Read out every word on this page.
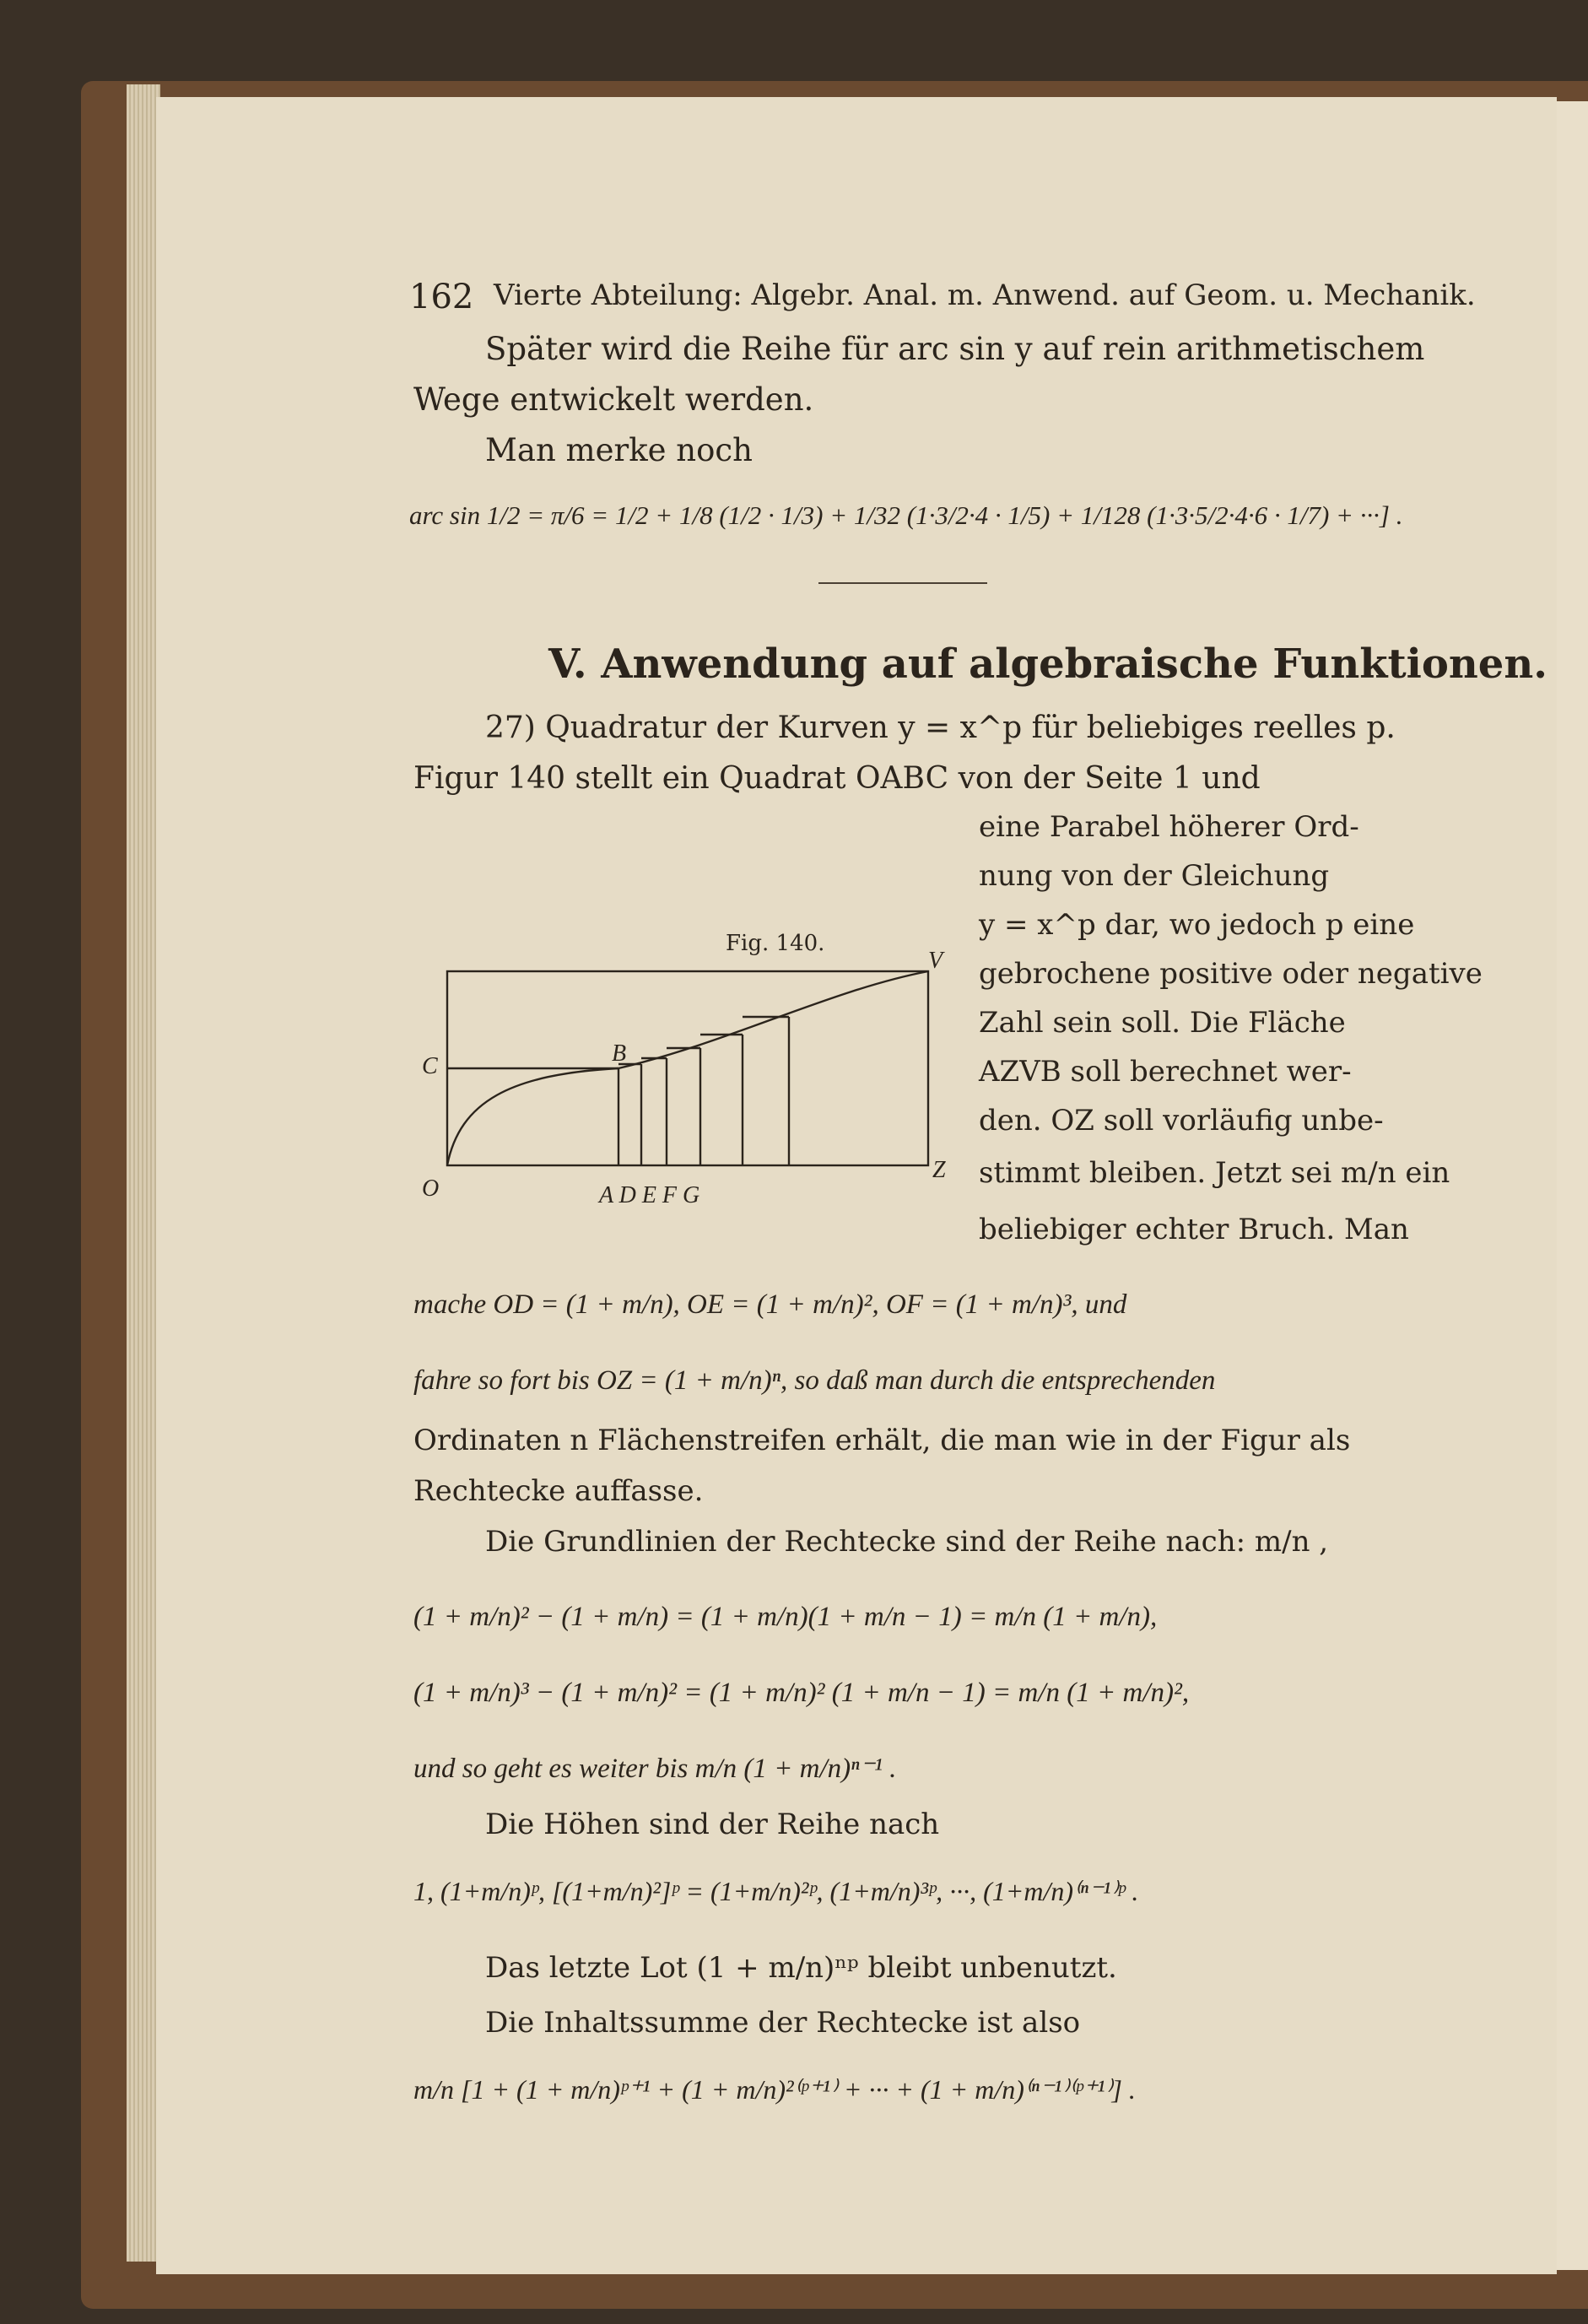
162 Vierte Abteilung: Algebr. Anal. m. Anwend. auf Geom. u. Mechanik.
Später wird die Reihe für arc sin y auf rein arithmetischem
Wege entwickelt werden.
Man merke noch
arc sin 1/2 = π/6 = 1/2 + 1/8 (1/2 · 1/3) + 1/32 (1·3/2·4 · 1/5) + 1/128 (1·3·5/2·4·6 · 1/7) + ···] .
V. Anwendung auf algebraische Funktionen.
27) Quadratur der Kurven y = x^p für beliebiges reelles p.
Figur 140 stellt ein Quadrat OABC von der Seite 1 und
eine Parabel höherer Ord-
nung von der Gleichung
y = x^p dar, wo jedoch p eine
gebrochene positive oder negative
Zahl sein soll. Die Fläche
AZVB soll berechnet wer-
den. OZ soll vorläufig unbe-
stimmt bleiben. Jetzt sei m/n ein
beliebiger echter Bruch. Man
Fig. 140.
V
C	B
O
Z
A D E F G
mache OD = (1 + m/n), OE = (1 + m/n)², OF = (1 + m/n)³, und
fahre so fort bis OZ = (1 + m/n)ⁿ, so daß man durch die entsprechenden
Ordinaten n Flächenstreifen erhält, die man wie in der Figur als
Rechtecke auffasse.
Die Grundlinien der Rechtecke sind der Reihe nach: m/n ,
(1 + m/n)² − (1 + m/n) = (1 + m/n)(1 + m/n − 1) = m/n (1 + m/n),
(1 + m/n)³ − (1 + m/n)² = (1 + m/n)² (1 + m/n − 1) = m/n (1 + m/n)²,
und so geht es weiter bis m/n (1 + m/n)ⁿ⁻¹ .
Die Höhen sind der Reihe nach
1, (1+m/n)ᵖ, [(1+m/n)²]ᵖ = (1+m/n)²ᵖ, (1+m/n)³ᵖ, ···, (1+m/n)⁽ⁿ⁻¹⁾ᵖ .
Das letzte Lot (1 + m/n)ⁿᵖ bleibt unbenutzt.
Die Inhaltssumme der Rechtecke ist also
m/n [1 + (1 + m/n)ᵖ⁺¹ + (1 + m/n)²⁽ᵖ⁺¹⁾ + ··· + (1 + m/n)⁽ⁿ⁻¹⁾⁽ᵖ⁺¹⁾] .
